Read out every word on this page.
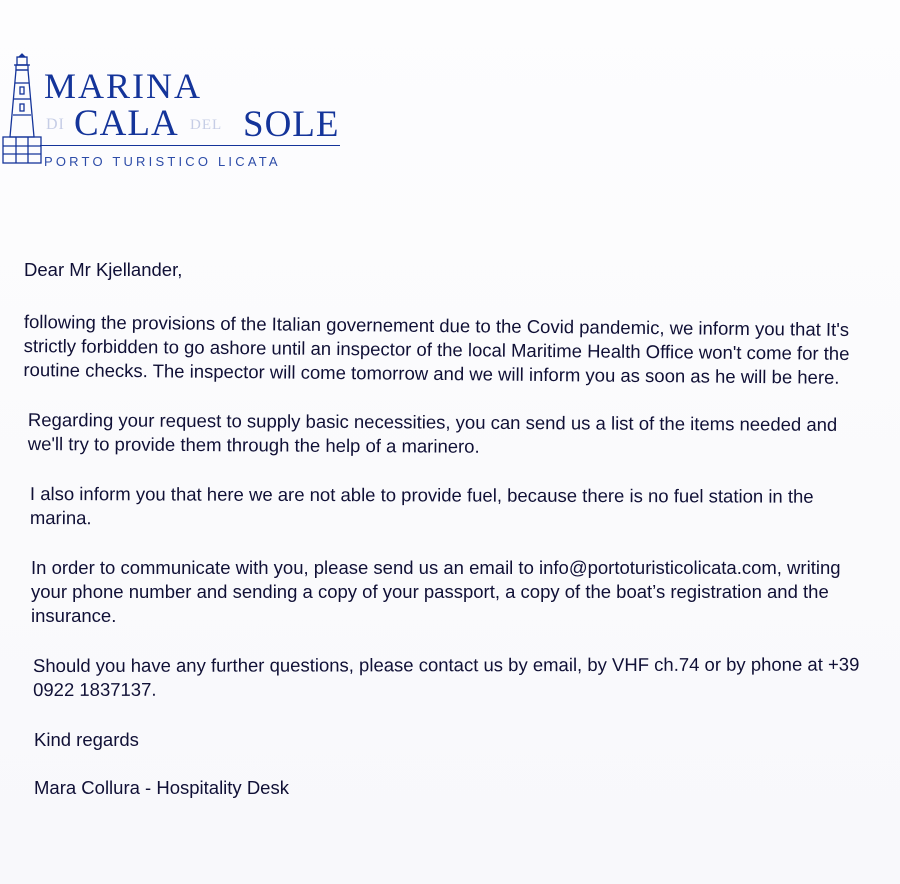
MARINA
DI CALA DEL SOLE
PORTO TURISTICO LICATA

Dear Mr Kjellander,

following the provisions of the Italian governement due to the Covid pandemic, we inform you that It's strictly forbidden to go ashore until an inspector of the local Maritime Health Office won't come for the routine checks. The inspector will come tomorrow and we will inform you as soon as he will be here.

Regarding your request to supply basic necessities, you can send us a list of the items needed and we'll try to provide them through the help of a marinero.

I also inform you that here we are not able to provide fuel, because there is no fuel station in the marina.

In order to communicate with you, please send us an email to info@portoturisticolicata.com, writing your phone number and sending a copy of your passport, a copy of the boat’s registration and the insurance.

Should you have any further questions, please contact us by email, by VHF ch.74 or by phone at +39 0922 1837137.

Kind regards

Mara Collura - Hospitality Desk
